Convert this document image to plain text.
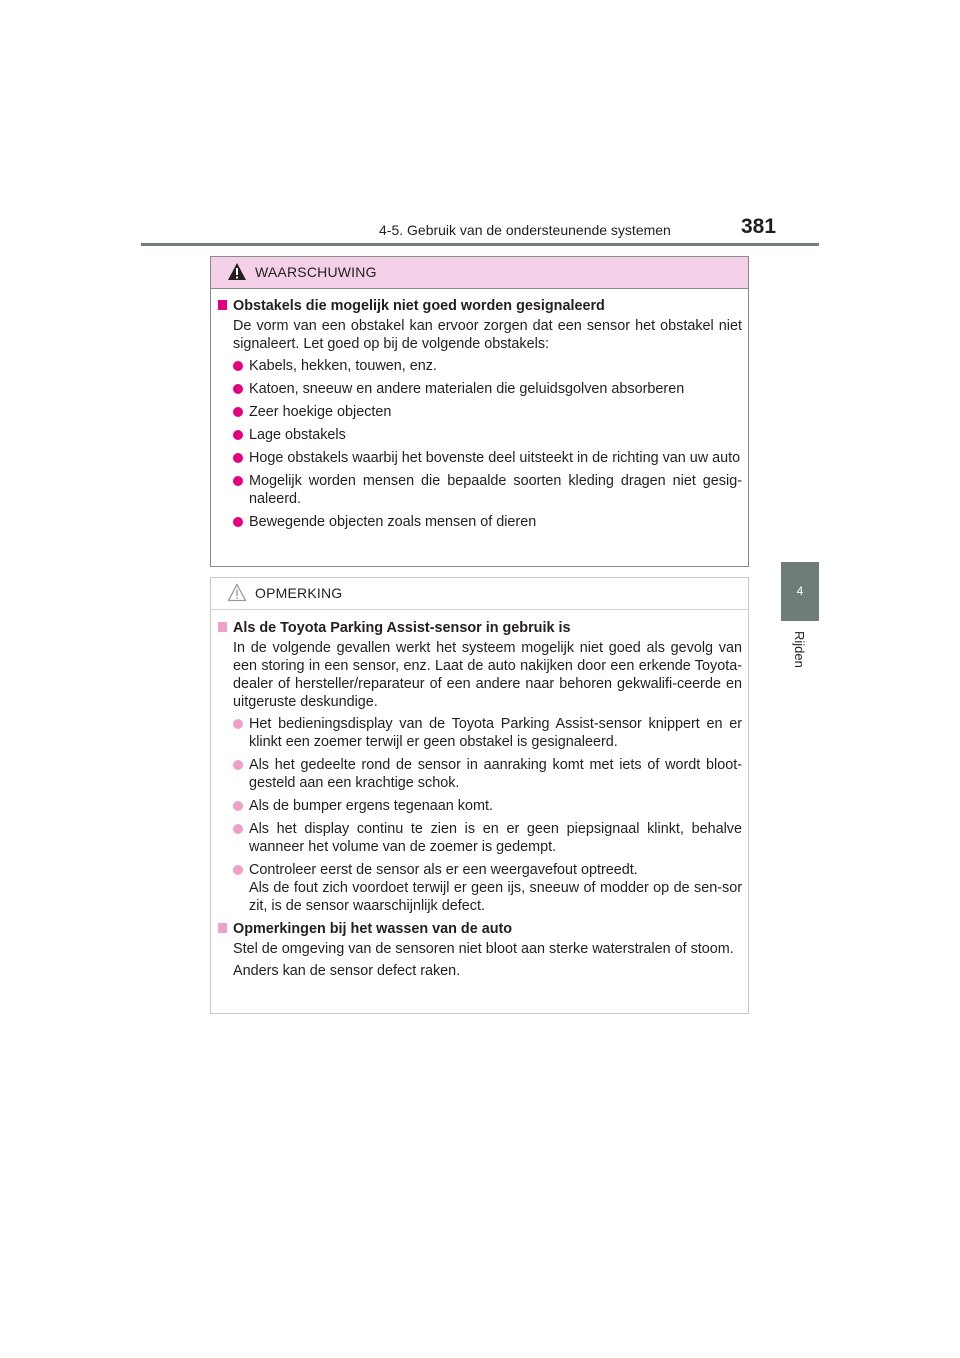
4-5. Gebruik van de ondersteunende systemen	381
4
Rijden
WAARSCHUWING
Obstakels die mogelijk niet goed worden gesignaleerd
De vorm van een obstakel kan ervoor zorgen dat een sensor het obstakel niet signaleert. Let goed op bij de volgende obstakels:
Kabels, hekken, touwen, enz.
Katoen, sneeuw en andere materialen die geluidsgolven absorberen
Zeer hoekige objecten
Lage obstakels
Hoge obstakels waarbij het bovenste deel uitsteekt in de richting van uw auto
Mogelijk worden mensen die bepaalde soorten kleding dragen niet gesig-naleerd.
Bewegende objecten zoals mensen of dieren
OPMERKING
Als de Toyota Parking Assist-sensor in gebruik is
In de volgende gevallen werkt het systeem mogelijk niet goed als gevolg van een storing in een sensor, enz. Laat de auto nakijken door een erkende Toyota-dealer of hersteller/reparateur of een andere naar behoren gekwalifi-ceerde en uitgeruste deskundige.
Het bedieningsdisplay van de Toyota Parking Assist-sensor knippert en er klinkt een zoemer terwijl er geen obstakel is gesignaleerd.
Als het gedeelte rond de sensor in aanraking komt met iets of wordt bloot-gesteld aan een krachtige schok.
Als de bumper ergens tegenaan komt.
Als het display continu te zien is en er geen piepsignaal klinkt, behalve wanneer het volume van de zoemer is gedempt.
Controleer eerst de sensor als er een weergavefout optreedt.
Als de fout zich voordoet terwijl er geen ijs, sneeuw of modder op de sen-sor zit, is de sensor waarschijnlijk defect.
Opmerkingen bij het wassen van de auto
Stel de omgeving van de sensoren niet bloot aan sterke waterstralen of stoom.
Anders kan de sensor defect raken.
